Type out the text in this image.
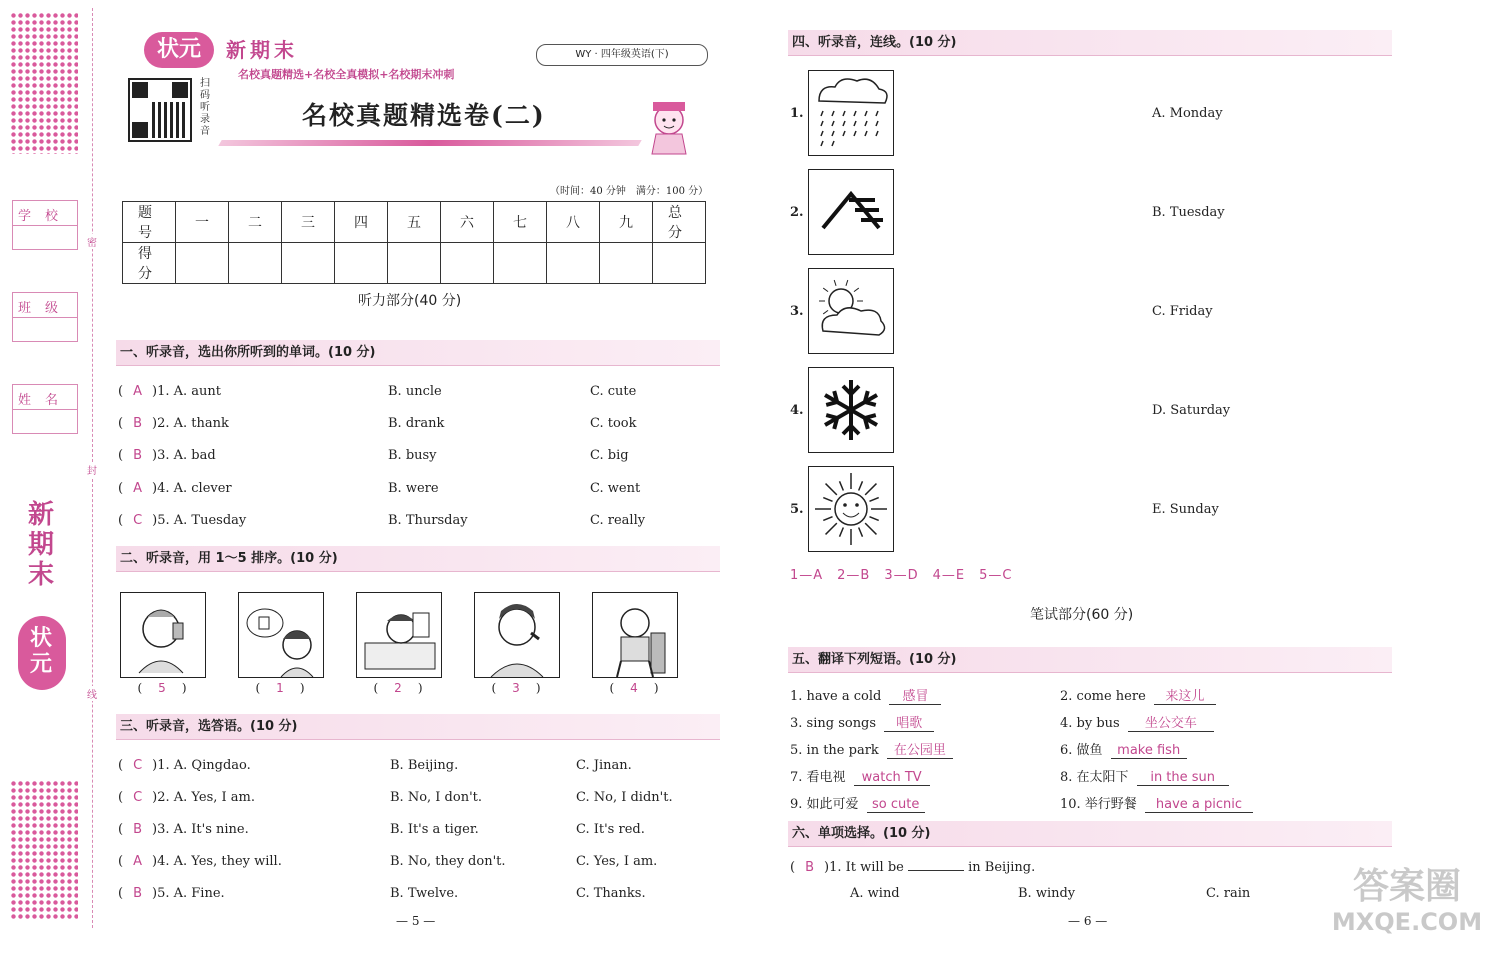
密
封
线
学校
班级
姓名
新期末
状元
状元	新期末
名校真题精选+名校全真模拟+名校期末冲刺
WY · 四年级英语(下)
扫码听录音
名校真题精选卷(二)
（时间：40 分钟　满分：100 分）
题　号	一	二	三	四	五	六	七	八	九	总　分
得　分										
听力部分(40 分)
一、听录音，选出你所听到的单词。(10 分)
( A )1. A. aunt	B. uncle	C. cute
( B )2. A. thank	B. drank	C. took
( B )3. A. bad	B. busy	C. big
( A )4. A. clever	B. were	C. went
( C )5. A. Tuesday	B. Thursday	C. really
二、听录音，用 1～5 排序。(10 分)
( 5 )	( 1 )	( 2 )	( 3 )	( 4 )
三、听录音，选答语。(10 分)
( C )1. A. Qingdao.	B. Beijing.	C. Jinan.
( C )2. A. Yes, I am.	B. No, I don't.	C. No, I didn't.
( B )3. A. It's nine.	B. It's a tiger.	C. It's red.
( A )4. A. Yes, they will.	B. No, they don't.	C. Yes, I am.
( B )5. A. Fine.	B. Twelve.	C. Thanks.
— 5 —
四、听录音，连线。(10 分)
1.	A. Monday
2.	B. Tuesday
3.	C. Friday
4.	D. Saturday
5.	E. Sunday
1—A　2—B　3—D　4—E　5—C
笔试部分(60 分)
五、翻译下列短语。(10 分)
1. have a cold 感冒	2. come here 来这儿
3. sing songs 唱歌	4. by bus 坐公交车
5. in the park 在公园里	6. 做鱼 make fish
7. 看电视 watch TV	8. 在太阳下 in the sun
9. 如此可爱 so cute	10. 举行野餐 have a picnic
六、单项选择。(10 分)
( B )1. It will be	in Beijing.
A. wind	B. windy	C. rain
— 6 —
答案圈
MXQE.COM
